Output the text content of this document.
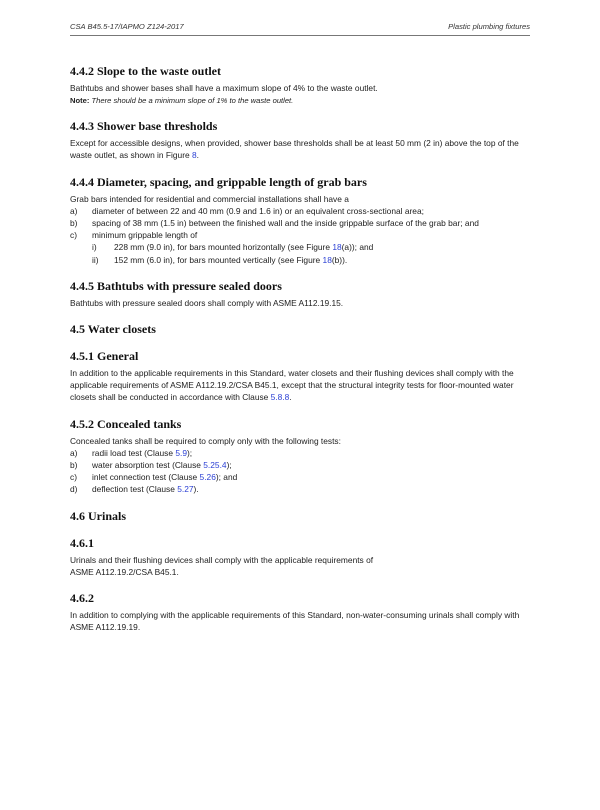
CSA B45.5-17/IAPMO Z124-2017	Plastic plumbing fixtures
4.4.2 Slope to the waste outlet

Bathtubs and shower bases shall have a maximum slope of 4% to the waste outlet.

Note: There should be a minimum slope of 1% to the waste outlet.

4.4.3 Shower base thresholds

Except for accessible designs, when provided, shower base thresholds shall be at least 50 mm (2 in) above the top of the waste outlet, as shown in Figure 8.

4.4.4 Diameter, spacing, and grippable length of grab bars

Grab bars intended for residential and commercial installations shall have a

a) diameter of between 22 and 40 mm (0.9 and 1.6 in) or an equivalent cross-sectional area;
b) spacing of 38 mm (1.5 in) between the finished wall and the inside grippable surface of the grab bar; and
c) minimum grippable length of
i) 228 mm (9.0 in), for bars mounted horizontally (see Figure 18(a)); and
ii) 152 mm (6.0 in), for bars mounted vertically (see Figure 18(b)).
4.4.5 Bathtubs with pressure sealed doors

Bathtubs with pressure sealed doors shall comply with ASME A112.19.15.

4.5 Water closets
4.5.1 General

In addition to the applicable requirements in this Standard, water closets and their flushing devices shall comply with the applicable requirements of ASME A112.19.2/CSA B45.1, except that the structural integrity tests for floor-mounted water closets shall be conducted in accordance with Clause 5.8.8.

4.5.2 Concealed tanks

Concealed tanks shall be required to comply only with the following tests:

a) radii load test (Clause 5.9);
b) water absorption test (Clause 5.25.4);
c) inlet connection test (Clause 5.26); and
d) deflection test (Clause 5.27).
4.6 Urinals
4.6.1

Urinals and their flushing devices shall comply with the applicable requirements of
ASME A112.19.2/CSA B45.1.

4.6.2

In addition to complying with the applicable requirements of this Standard, non-water-consuming urinals shall comply with ASME A112.19.19.
